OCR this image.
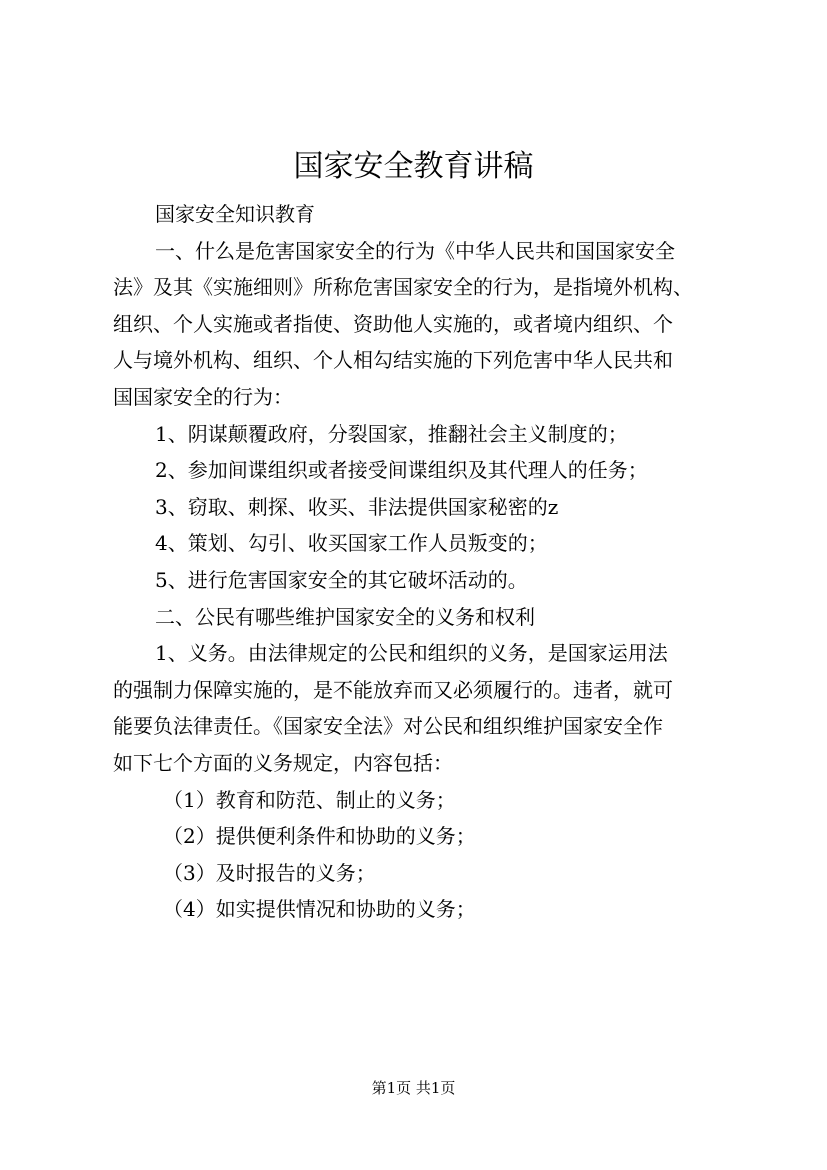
国家安全教育讲稿

国家安全知识教育

一、什么是危害国家安全的行为《中华人民共和国国家安全

法》及其《实施细则》所称危害国家安全的行为，是指境外机构、

组织、个人实施或者指使、资助他人实施的，或者境内组织、个

人与境外机构、组织、个人相勾结实施的下列危害中华人民共和

国国家安全的行为：

1、阴谋颠覆政府，分裂国家，推翻社会主义制度的；

2、参加间谍组织或者接受间谍组织及其代理人的任务；

3、窃取、刺探、收买、非法提供国家秘密的z

4、策划、勾引、收买国家工作人员叛变的；

5、进行危害国家安全的其它破坏活动的。

二、公民有哪些维护国家安全的义务和权利

1、义务。由法律规定的公民和组织的义务，是国家运用法

的强制力保障实施的，是不能放弃而又必须履行的。违者，就可

能要负法律责任。《国家安全法》对公民和组织维护国家安全作

如下七个方面的义务规定，内容包括：

（1）教育和防范、制止的义务；

（2）提供便利条件和协助的义务；

（3）及时报告的义务；

（4）如实提供情况和协助的义务；

第1页 共1页
